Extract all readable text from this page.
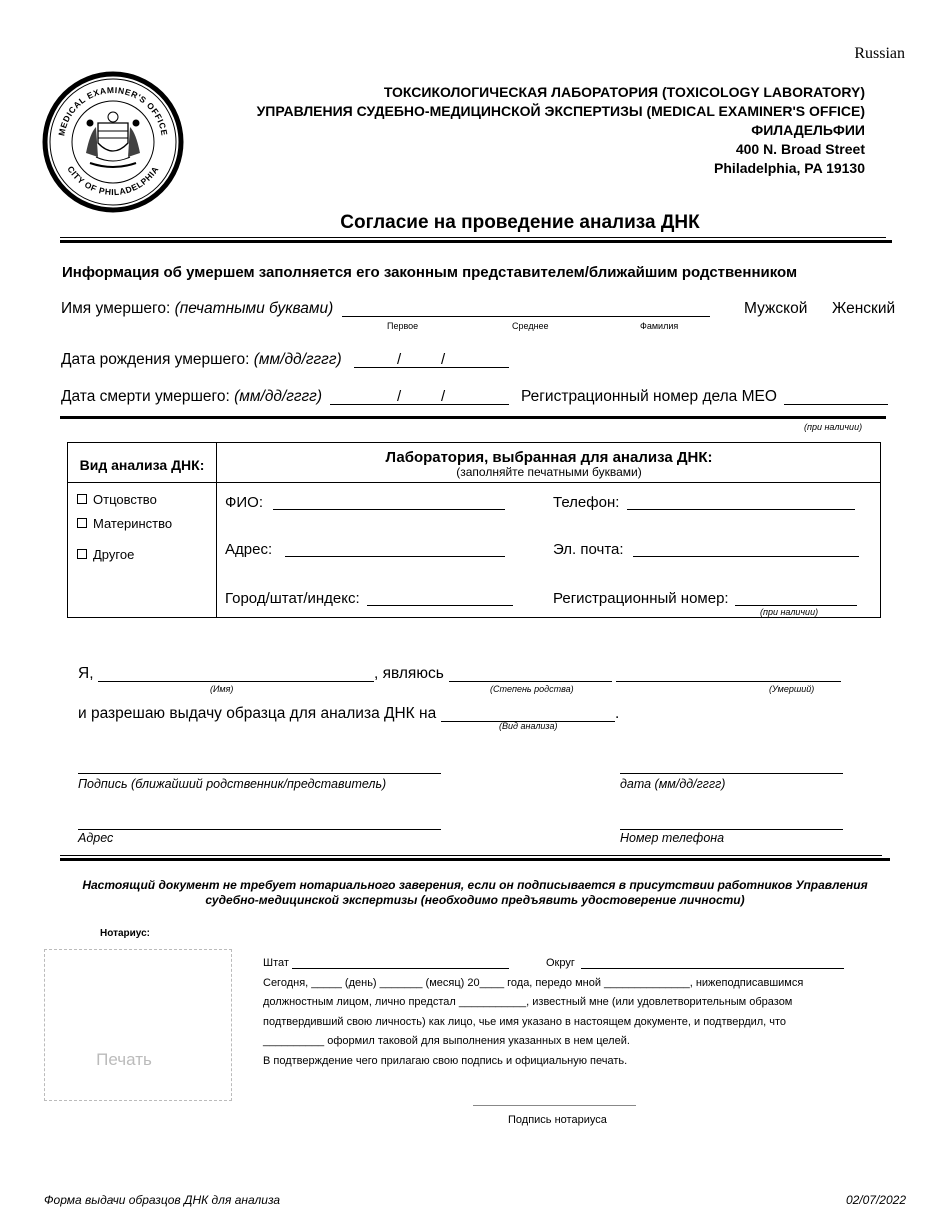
Russian
MEDICAL EXAMINER'S OFFICE
CITY OF PHILADELPHIA
ТОКСИКОЛОГИЧЕСКАЯ ЛАБОРАТОРИЯ (TOXICOLOGY LABORATORY)
УПРАВЛЕНИЯ СУДЕБНО-МЕДИЦИНСКОЙ ЭКСПЕРТИЗЫ (MEDICAL EXAMINER'S OFFICE)
ФИЛАДЕЛЬФИИ
400 N. Broad Street
Philadelphia, PA 19130
Согласие на проведение анализа ДНК
Информация об умершем заполняется его законным представителем/ближайшим родственником
Имя умершего: (печатными буквами)
Первое	Среднее	Фамилия
Мужской Женский
Дата рождения умершего: (мм/дд/гггг)	/	/
Дата смерти умершего: (мм/дд/гггг)	/	/	Регистрационный номер дела MEO
(при наличии)
Вид анализа ДНК:	Лаборатория, выбранная для анализа ДНК:
(заполняйте печатными буквами)
Отцовство
Материнство
Другое
ФИО:	Телефон:
Адрес:	Эл. почта:
Город/штат/индекс:	Регистрационный номер:
(при наличии)
Я,	, являюсь
(Имя)	(Степень родства)	(Умерший)
и разрешаю выдачу образца для анализа ДНК на	.
(Вид анализа)
Подпись (ближайший родственник/представитель)	дата (мм/дд/гггг)
Адрес	Номер телефона
Настоящий документ не требует нотариального заверения, если он подписывается в присутствии работников Управления судебно-медицинской экспертизы (необходимо предъявить удостоверение личности)
Нотариус:
Печать
Штат	Округ
Сегодня, _____ (день) _______ (месяц) 20____ года, передо мной ______________, нижеподписавшимся
должностным лицом, лично предстал ___________, известный мне (или удовлетворительным образом
подтвердивший свою личность) как лицо, чье имя указано в настоящем документе, и подтвердил, что
__________ оформил таковой для выполнения указанных в нем целей.
В подтверждение чего прилагаю свою подпись и официальную печать.
Подпись нотариуса
Форма выдачи образцов ДНК для анализа	02/07/2022
